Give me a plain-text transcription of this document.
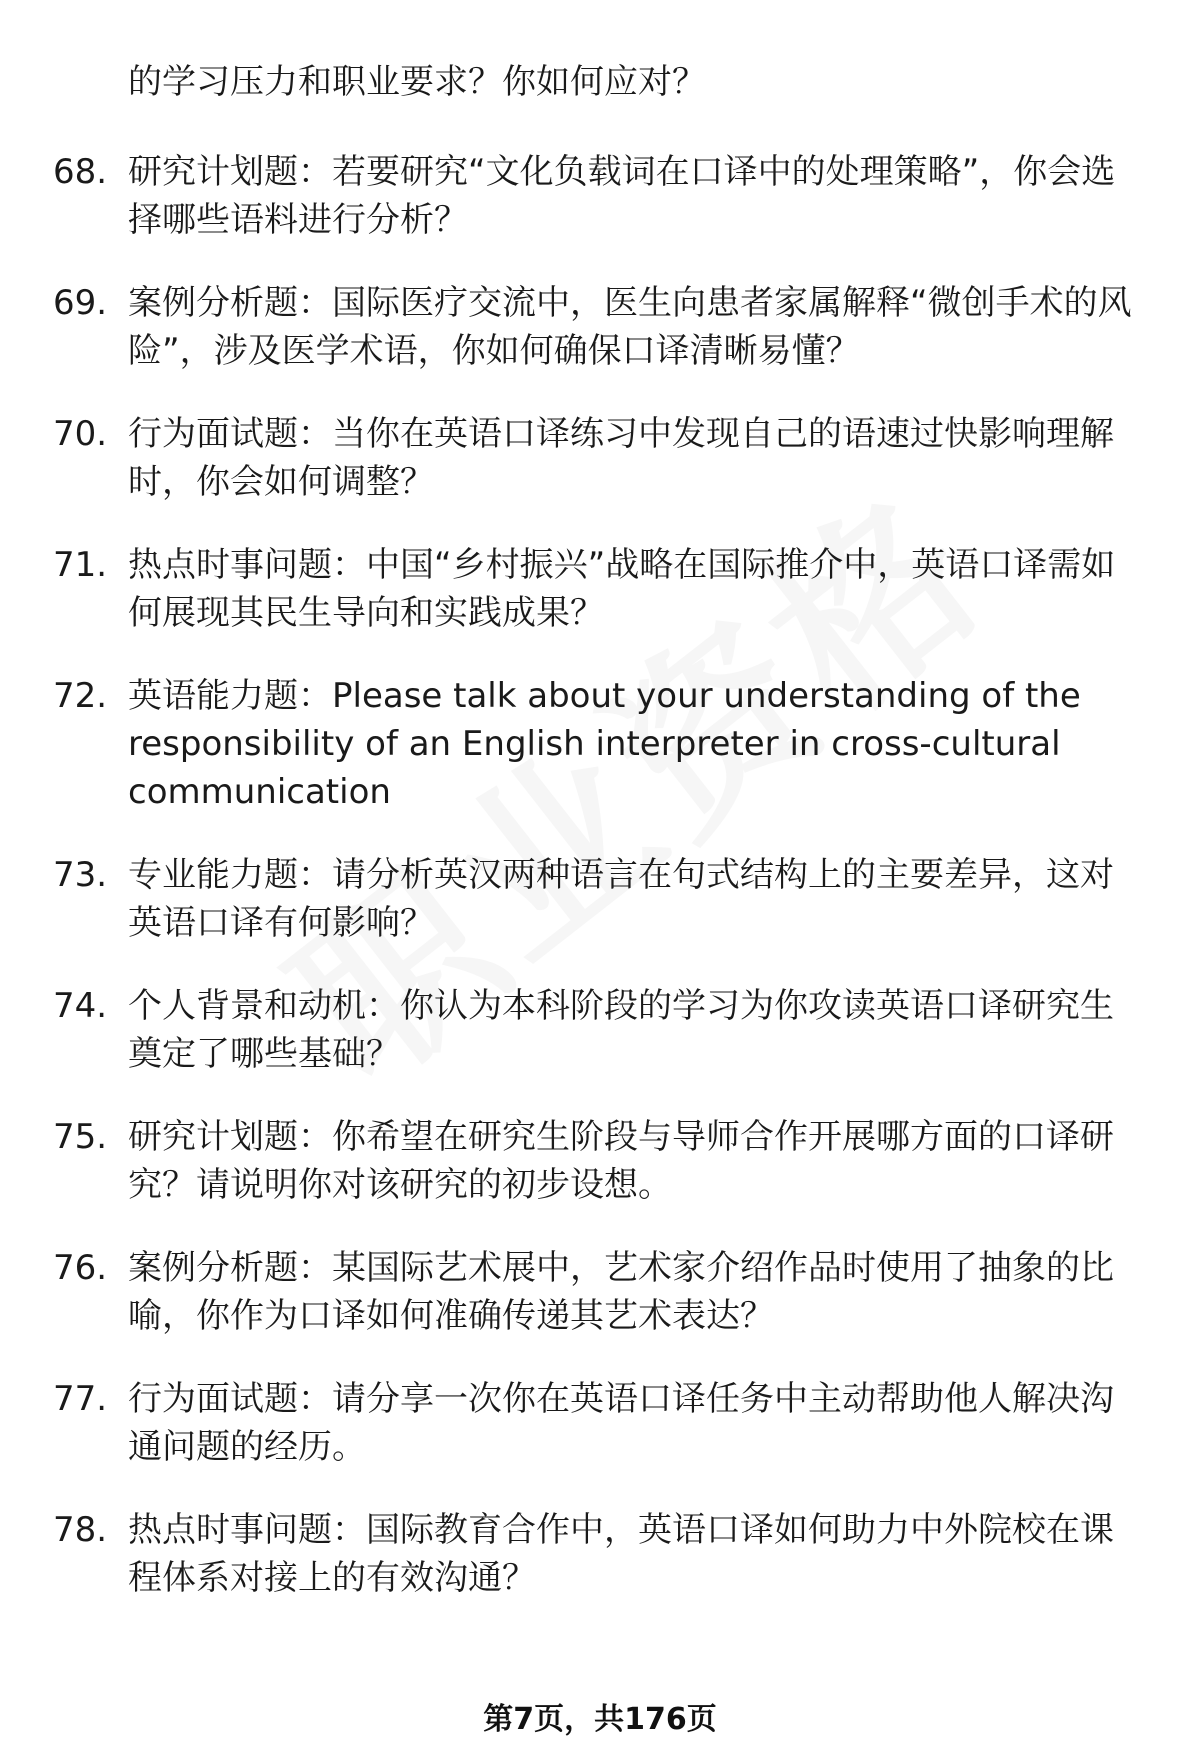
的学习压力和职业要求？你如何应对？
68. 研究计划题：若要研究“文化负载词在口译中的处理策略”，你会选择哪些语料进行分析？
69. 案例分析题：国际医疗交流中，医生向患者家属解释“微创手术的风险”，涉及医学术语，你如何确保口译清晰易懂？
70. 行为面试题：当你在英语口译练习中发现自己的语速过快影响理解时，你会如何调整？
71. 热点时事问题：中国“乡村振兴”战略在国际推介中，英语口译需如何展现其民生导向和实践成果？
72. 英语能力题：Please talk about your understanding of the responsibility of an English interpreter in cross-cultural communication
73. 专业能力题：请分析英汉两种语言在句式结构上的主要差异，这对英语口译有何影响？
74. 个人背景和动机：你认为本科阶段的学习为你攻读英语口译研究生奠定了哪些基础？
75. 研究计划题：你希望在研究生阶段与导师合作开展哪方面的口译研究？请说明你对该研究的初步设想。
76. 案例分析题：某国际艺术展中，艺术家介绍作品时使用了抽象的比喻，你作为口译如何准确传递其艺术表达？
77. 行为面试题：请分享一次你在英语口译任务中主动帮助他人解决沟通问题的经历。
78. 热点时事问题：国际教育合作中，英语口译如何助力中外院校在课程体系对接上的有效沟通？
第7页，共176页
